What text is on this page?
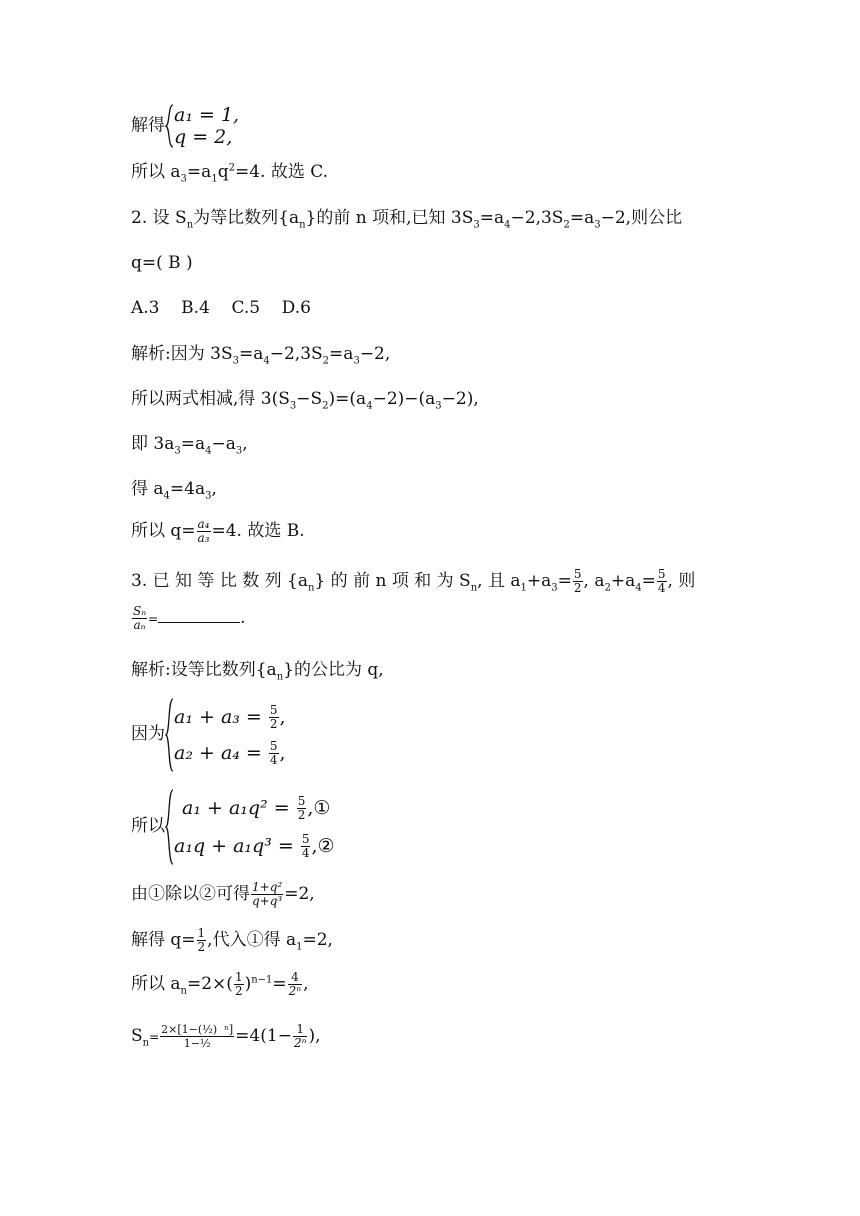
解得 a₁ = 1,
q = 2,
所以 $a_3=a_1q^2=4$. 故选 C.
2. 设 $S_n$为等比数列$\{a_n\}$的前 n 项和,已知 $3S_3=a_4-2,3S_2=a_3-2$,则公比
q=( B )
A.3    B.4    C.5    D.6
解析:因为 $3S_3=a_4-2,3S_2=a_3-2$,
所以两式相减,得 $3(S_3-S_2)=(a_4-2)-(a_3-2)$,
即 $3a_3=a_4-a_3$,
得 $a_4=4a_3$,
所以 $q= \frac{\text{a₄}}{\text{a₃}} =4$. 故选 B.
3. 已 知 等 比 数 列 $\{a_n\}$ 的 前 n 项 和 为 $S_n$, 且 $a_1+a_3= \frac{5}{2}$ , $a_2+a_4= \frac{5}{4}$ , 则
$\frac{\text{Sₙ}}{\text{aₙ}}$ =	.
解析:设等比数列$\{a_n\}$的公比为 q,
因为
$a_1 + a_3 = \frac{5}{2}$ ,
$a_2 + a_4 = \frac{5}{4}$ ,
所以
$a_1 + a_1q^2 = \frac{5}{2}$ ,①
$a_1q + a_1q^3 = \frac{5}{4}$ ,②
由①除以②可得 $\frac{\text{1+q²}}{\text{q+q³}} =2$,
解得 $q= \frac{1}{2}$ ,代入①得 $a_1=2$,
所以 $a_n=2\times( \frac{1}{2} )^{n-1}= \frac{4}{\text{2ⁿ}}$ ,
$S_n= \frac{\text{2×[1−(½)  ⁿ]}}{\text{1−½}} =4(1- \frac{1}{\text{2ⁿ}}$ ),
